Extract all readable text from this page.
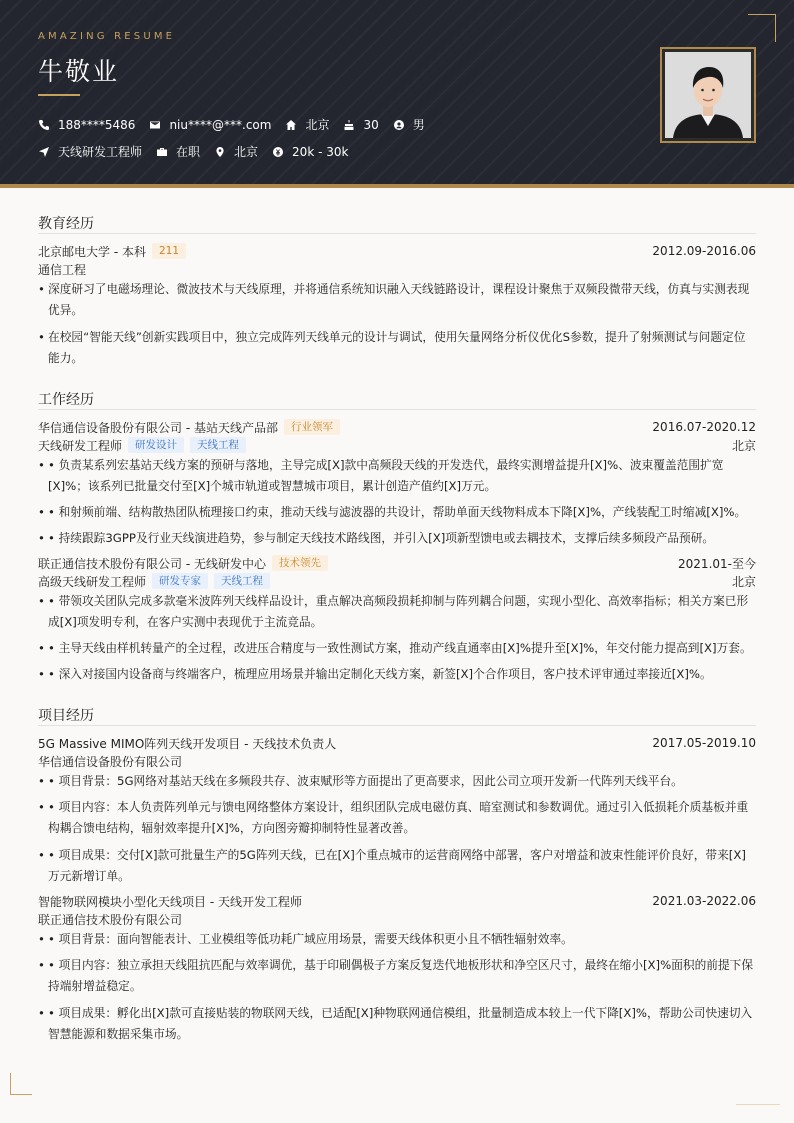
AMAZING RESUME
牛敬业
188****5486	niu****@***.com	北京	30	男
天线研发工程师	在职	北京	20k - 30k
教育经历
北京邮电大学 - 本科	211	2012.09-2016.06
通信工程
• 深度研习了电磁场理论、微波技术与天线原理，并将通信系统知识融入天线链路设计，课程设计聚焦于双频段微带天线，仿真与实测表现优异。
• 在校园“智能天线”创新实践项目中，独立完成阵列天线单元的设计与调试，使用矢量网络分析仪优化S参数，提升了射频测试与问题定位能力。
工作经历
华信通信设备股份有限公司 - 基站天线产品部	行业领军	2016.07-2020.12
天线研发工程师	研发设计	天线工程	北京
• • 负责某系列宏基站天线方案的预研与落地，主导完成[X]款中高频段天线的开发迭代，最终实测增益提升[X]%、波束覆盖范围扩宽[X]%；该系列已批量交付至[X]个城市轨道或智慧城市项目，累计创造产值约[X]万元。
• • 和射频前端、结构散热团队梳理接口约束，推动天线与滤波器的共设计，帮助单面天线物料成本下降[X]%，产线装配工时缩减[X]%。
• • 持续跟踪3GPP及行业天线演进趋势，参与制定天线技术路线图，并引入[X]项新型馈电或去耦技术，支撑后续多频段产品预研。
联正通信技术股份有限公司 - 无线研发中心	技术领先	2021.01-至今
高级天线研发工程师	研发专家	天线工程	北京
• • 带领攻关团队完成多款毫米波阵列天线样品设计，重点解决高频段损耗抑制与阵列耦合问题，实现小型化、高效率指标；相关方案已形成[X]项发明专利，在客户实测中表现优于主流竞品。
• • 主导天线由样机转量产的全过程，改进压合精度与一致性测试方案，推动产线直通率由[X]%提升至[X]%，年交付能力提高到[X]万套。
• • 深入对接国内设备商与终端客户，梳理应用场景并输出定制化天线方案，新签[X]个合作项目，客户技术评审通过率接近[X]%。
项目经历
5G Massive MIMO阵列天线开发项目 - 天线技术负责人	2017.05-2019.10
华信通信设备股份有限公司
• • 项目背景：5G网络对基站天线在多频段共存、波束赋形等方面提出了更高要求，因此公司立项开发新一代阵列天线平台。
• • 项目内容：本人负责阵列单元与馈电网络整体方案设计，组织团队完成电磁仿真、暗室测试和参数调优。通过引入低损耗介质基板并重构耦合馈电结构，辐射效率提升[X]%，方向图旁瓣抑制特性显著改善。
• • 项目成果：交付[X]款可批量生产的5G阵列天线，已在[X]个重点城市的运营商网络中部署，客户对增益和波束性能评价良好，带来[X]万元新增订单。
智能物联网模块小型化天线项目 - 天线开发工程师	2021.03-2022.06
联正通信技术股份有限公司
• • 项目背景：面向智能表计、工业模组等低功耗广域应用场景，需要天线体积更小且不牺牲辐射效率。
• • 项目内容：独立承担天线阻抗匹配与效率调优，基于印刷偶极子方案反复迭代地板形状和净空区尺寸，最终在缩小[X]%面积的前提下保持端射增益稳定。
• • 项目成果：孵化出[X]款可直接贴装的物联网天线，已适配[X]种物联网通信模组，批量制造成本较上一代下降[X]%，帮助公司快速切入智慧能源和数据采集市场。
